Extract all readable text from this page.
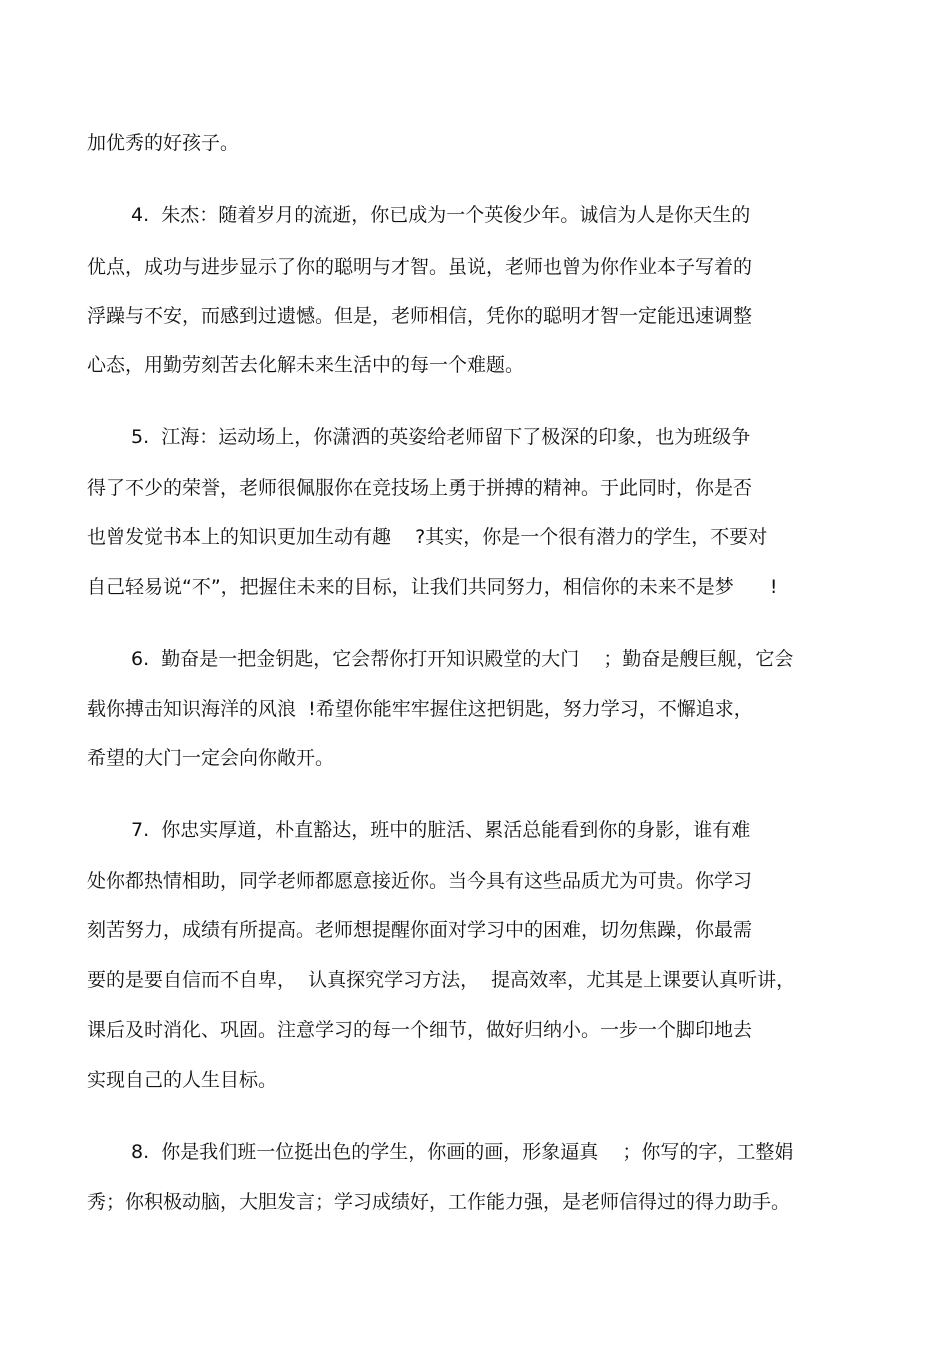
加优秀的好孩子。
4.  朱杰：随着岁月的流逝，你已成为一个英俊少年。诚信为人是你天生的
优点，成功与进步显示了你的聪明与才智。虽说，老师也曾为你作业本子写着的
浮躁与不安，而感到过遗憾。但是，老师相信，凭你的聪明才智一定能迅速调整
心态，用勤劳刻苦去化解未来生活中的每一个难题。
5.  江海：运动场上，你潇洒的英姿给老师留下了极深的印象，也为班级争
得了不少的荣誉，老师很佩服你在竞技场上勇于拼搏的精神。于此同时，你是否
也曾发觉书本上的知识更加生动有趣    ?其实，你是一个很有潜力的学生，不要对
自己轻易说“不”，把握住未来的目标，让我们共同努力，相信你的未来不是梦      !
6.  勤奋是一把金钥匙，它会帮你打开知识殿堂的大门    ；勤奋是艘巨舰，它会
载你搏击知识海洋的风浪  !希望你能牢牢握住这把钥匙，努力学习，不懈追求，
希望的大门一定会向你敞开。
7.  你忠实厚道，朴直豁达，班中的脏活、累活总能看到你的身影，谁有难
处你都热情相助，同学老师都愿意接近你。当今具有这些品质尤为可贵。你学习
刻苦努力，成绩有所提高。老师想提醒你面对学习中的困难，切勿焦躁，你最需
要的是要自信而不自卑，  认真探究学习方法，  提高效率，尤其是上课要认真听讲，
课后及时消化、巩固。注意学习的每一个细节，做好归纳小。一步一个脚印地去
实现自己的人生目标。
8.  你是我们班一位挺出色的学生，你画的画，形象逼真    ；你写的字，工整娟
秀；你积极动脑，大胆发言；学习成绩好，工作能力强，是老师信得过的得力助手。
